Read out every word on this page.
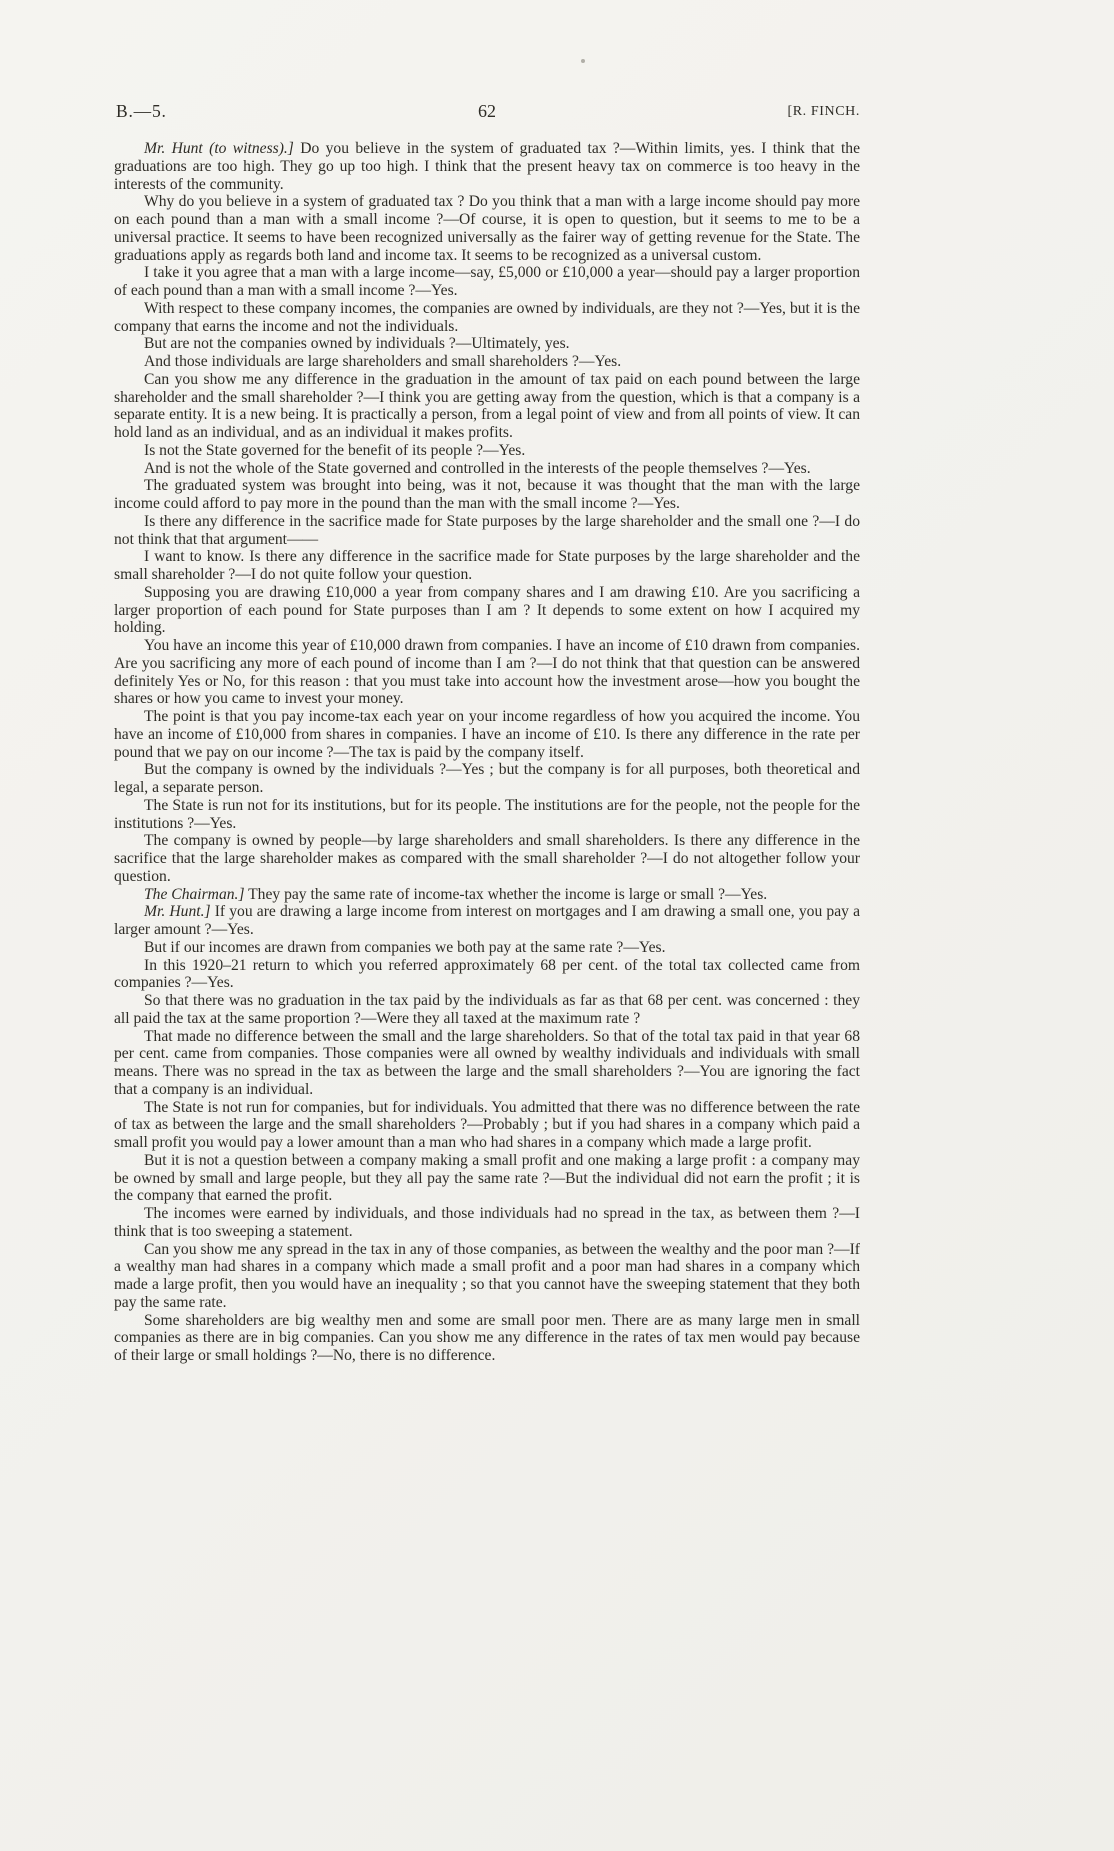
B.—5.	62	[R. FINCH.

Mr. Hunt (to witness).] Do you believe in the system of graduated tax ?—Within limits, yes. I think that the graduations are too high. They go up too high. I think that the present heavy tax on commerce is too heavy in the interests of the community.

Why do you believe in a system of graduated tax ? Do you think that a man with a large income should pay more on each pound than a man with a small income ?—Of course, it is open to question, but it seems to me to be a universal practice. It seems to have been recognized universally as the fairer way of getting revenue for the State. The graduations apply as regards both land and income tax. It seems to be recognized as a universal custom.

I take it you agree that a man with a large income—say, £5,000 or £10,000 a year—should pay a larger proportion of each pound than a man with a small income ?—Yes.

With respect to these company incomes, the companies are owned by individuals, are they not ?—Yes, but it is the company that earns the income and not the individuals.

But are not the companies owned by individuals ?—Ultimately, yes.

And those individuals are large shareholders and small shareholders ?—Yes.

Can you show me any difference in the graduation in the amount of tax paid on each pound between the large shareholder and the small shareholder ?—I think you are getting away from the question, which is that a company is a separate entity. It is a new being. It is practically a person, from a legal point of view and from all points of view. It can hold land as an individual, and as an individual it makes profits.

Is not the State governed for the benefit of its people ?—Yes.

And is not the whole of the State governed and controlled in the interests of the people themselves ?—Yes.

The graduated system was brought into being, was it not, because it was thought that the man with the large income could afford to pay more in the pound than the man with the small income ?—Yes.

Is there any difference in the sacrifice made for State purposes by the large shareholder and the small one ?—I do not think that that argument——

I want to know. Is there any difference in the sacrifice made for State purposes by the large shareholder and the small shareholder ?—I do not quite follow your question.

Supposing you are drawing £10,000 a year from company shares and I am drawing £10. Are you sacrificing a larger proportion of each pound for State purposes than I am ? It depends to some extent on how I acquired my holding.

You have an income this year of £10,000 drawn from companies. I have an income of £10 drawn from companies. Are you sacrificing any more of each pound of income than I am ?—I do not think that that question can be answered definitely Yes or No, for this reason : that you must take into account how the investment arose—how you bought the shares or how you came to invest your money.

The point is that you pay income-tax each year on your income regardless of how you acquired the income. You have an income of £10,000 from shares in companies. I have an income of £10. Is there any difference in the rate per pound that we pay on our income ?—The tax is paid by the company itself.

But the company is owned by the individuals ?—Yes ; but the company is for all purposes, both theoretical and legal, a separate person.

The State is run not for its institutions, but for its people. The institutions are for the people, not the people for the institutions ?—Yes.

The company is owned by people—by large shareholders and small shareholders. Is there any difference in the sacrifice that the large shareholder makes as compared with the small shareholder ?—I do not altogether follow your question.

The Chairman.] They pay the same rate of income-tax whether the income is large or small ?—Yes.

Mr. Hunt.] If you are drawing a large income from interest on mortgages and I am drawing a small one, you pay a larger amount ?—Yes.

But if our incomes are drawn from companies we both pay at the same rate ?—Yes.

In this 1920–21 return to which you referred approximately 68 per cent. of the total tax collected came from companies ?—Yes.

So that there was no graduation in the tax paid by the individuals as far as that 68 per cent. was concerned : they all paid the tax at the same proportion ?—Were they all taxed at the maximum rate ?

That made no difference between the small and the large shareholders. So that of the total tax paid in that year 68 per cent. came from companies. Those companies were all owned by wealthy individuals and individuals with small means. There was no spread in the tax as between the large and the small shareholders ?—You are ignoring the fact that a company is an individual.

The State is not run for companies, but for individuals. You admitted that there was no difference between the rate of tax as between the large and the small shareholders ?—Probably ; but if you had shares in a company which paid a small profit you would pay a lower amount than a man who had shares in a company which made a large profit.

But it is not a question between a company making a small profit and one making a large profit : a company may be owned by small and large people, but they all pay the same rate ?—But the individual did not earn the profit ; it is the company that earned the profit.

The incomes were earned by individuals, and those individuals had no spread in the tax, as between them ?—I think that is too sweeping a statement.

Can you show me any spread in the tax in any of those companies, as between the wealthy and the poor man ?—If a wealthy man had shares in a company which made a small profit and a poor man had shares in a company which made a large profit, then you would have an inequality ; so that you cannot have the sweeping statement that they both pay the same rate.

Some shareholders are big wealthy men and some are small poor men. There are as many large men in small companies as there are in big companies. Can you show me any difference in the rates of tax men would pay because of their large or small holdings ?—No, there is no difference.
